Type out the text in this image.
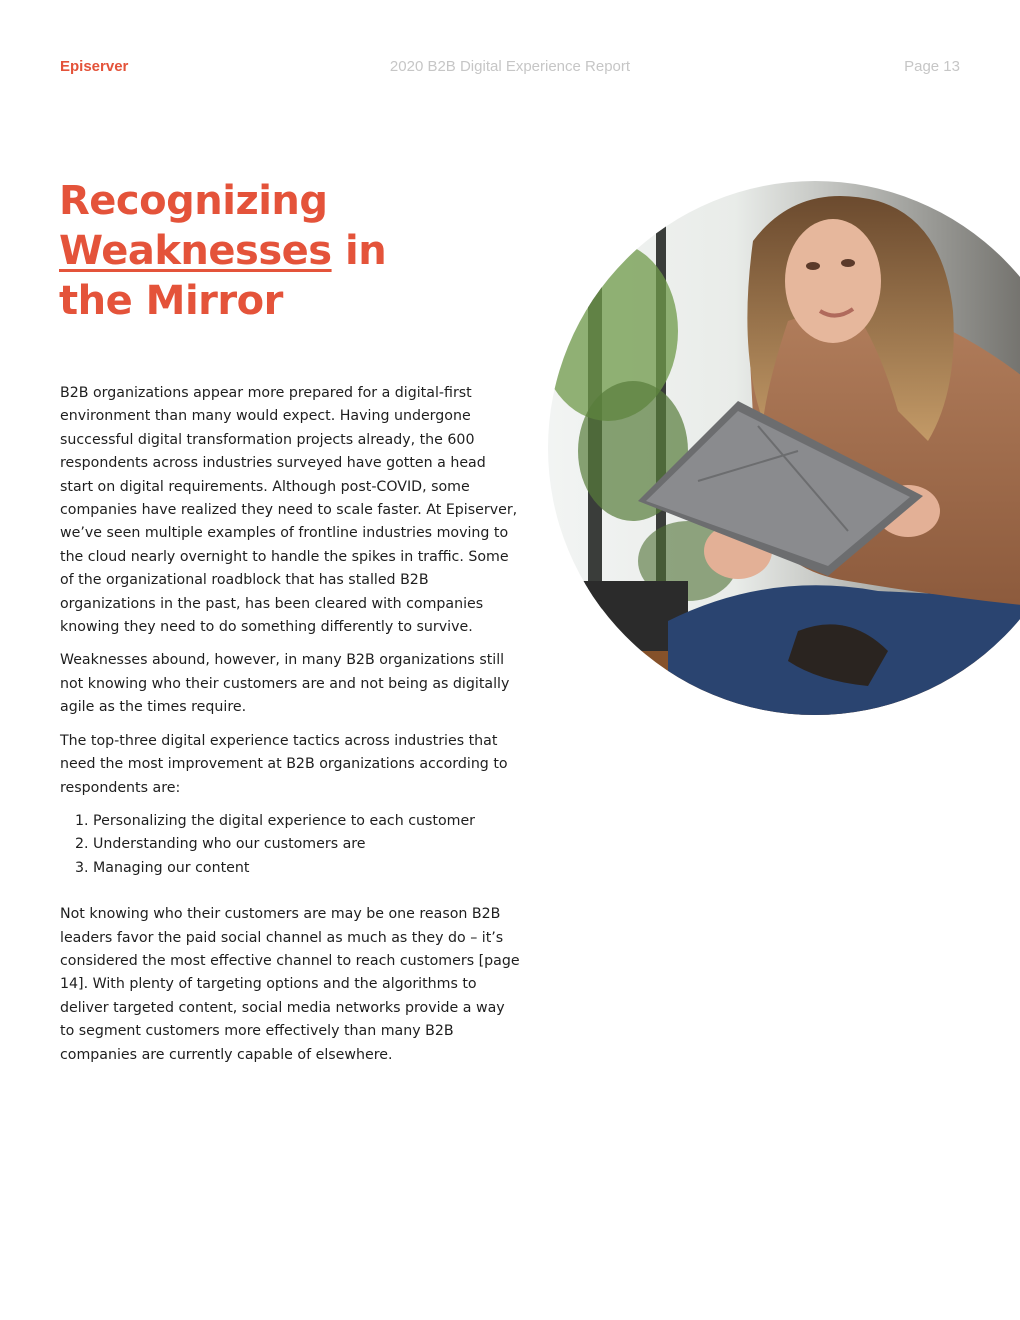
Episerver	2020 B2B Digital Experience Report	Page 13
Recognizing
Weaknesses in
the Mirror

B2B organizations appear more prepared for a digital-first environment than many would expect. Having undergone successful digital transformation projects already, the 600 respondents across industries surveyed have gotten a head start on digital requirements. Although post-COVID, some companies have realized they need to scale faster. At Episerver, we’ve seen multiple examples of frontline industries moving to the cloud nearly overnight to handle the spikes in traffic. Some of the organizational roadblock that has stalled B2B organizations in the past, has been cleared with companies knowing they need to do something differently to survive.

Weaknesses abound, however, in many B2B organizations still not knowing who their customers are and not being as digitally agile as the times require.

The top-three digital experience tactics across industries that need the most improvement at B2B organizations according to respondents are:

1. Personalizing the digital experience to each customer
2. Understanding who our customers are
3. Managing our content

Not knowing who their customers are may be one reason B2B leaders favor the paid social channel as much as they do – it’s considered the most effective channel to reach customers [page 14]. With plenty of targeting options and the algorithms to deliver targeted content, social media networks provide a way to segment customers more effectively than many B2B companies are currently capable of elsewhere.
